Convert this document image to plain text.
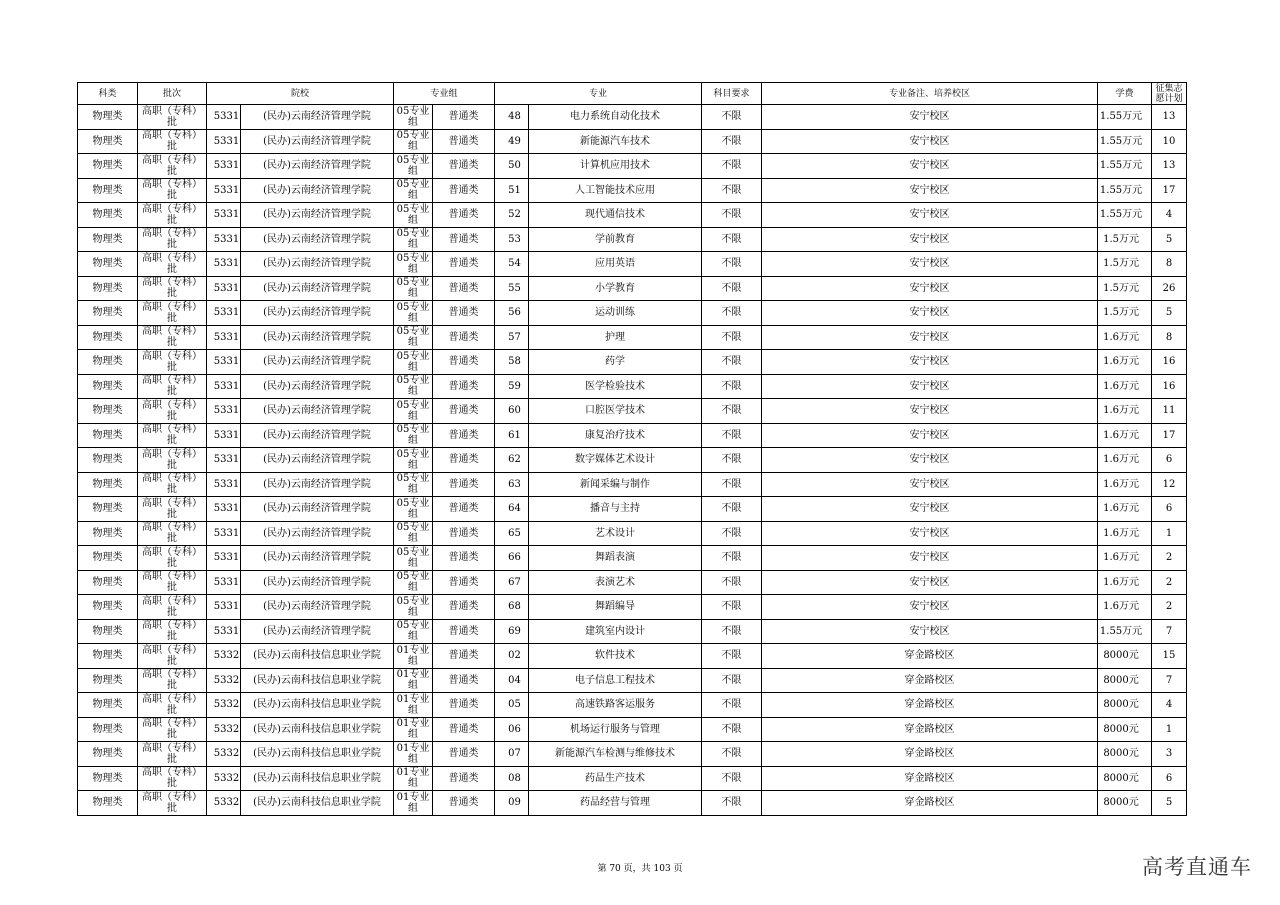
科类	批次	院校		专业组		专业		科目要求	专业备注、培养校区	学费	征集志愿计划
物理类	高职（专科）批	5331	(民办)云南经济管理学院	05专业组	普通类	48	电力系统自动化技术	不限	安宁校区	1.55万元	13
物理类	高职（专科）批	5331	(民办)云南经济管理学院	05专业组	普通类	49	新能源汽车技术	不限	安宁校区	1.55万元	10
物理类	高职（专科）批	5331	(民办)云南经济管理学院	05专业组	普通类	50	计算机应用技术	不限	安宁校区	1.55万元	13
物理类	高职（专科）批	5331	(民办)云南经济管理学院	05专业组	普通类	51	人工智能技术应用	不限	安宁校区	1.55万元	17
物理类	高职（专科）批	5331	(民办)云南经济管理学院	05专业组	普通类	52	现代通信技术	不限	安宁校区	1.55万元	4
物理类	高职（专科）批	5331	(民办)云南经济管理学院	05专业组	普通类	53	学前教育	不限	安宁校区	1.5万元	5
物理类	高职（专科）批	5331	(民办)云南经济管理学院	05专业组	普通类	54	应用英语	不限	安宁校区	1.5万元	8
物理类	高职（专科）批	5331	(民办)云南经济管理学院	05专业组	普通类	55	小学教育	不限	安宁校区	1.5万元	26
物理类	高职（专科）批	5331	(民办)云南经济管理学院	05专业组	普通类	56	运动训练	不限	安宁校区	1.5万元	5
物理类	高职（专科）批	5331	(民办)云南经济管理学院	05专业组	普通类	57	护理	不限	安宁校区	1.6万元	8
物理类	高职（专科）批	5331	(民办)云南经济管理学院	05专业组	普通类	58	药学	不限	安宁校区	1.6万元	16
物理类	高职（专科）批	5331	(民办)云南经济管理学院	05专业组	普通类	59	医学检验技术	不限	安宁校区	1.6万元	16
物理类	高职（专科）批	5331	(民办)云南经济管理学院	05专业组	普通类	60	口腔医学技术	不限	安宁校区	1.6万元	11
物理类	高职（专科）批	5331	(民办)云南经济管理学院	05专业组	普通类	61	康复治疗技术	不限	安宁校区	1.6万元	17
物理类	高职（专科）批	5331	(民办)云南经济管理学院	05专业组	普通类	62	数字媒体艺术设计	不限	安宁校区	1.6万元	6
物理类	高职（专科）批	5331	(民办)云南经济管理学院	05专业组	普通类	63	新闻采编与制作	不限	安宁校区	1.6万元	12
物理类	高职（专科）批	5331	(民办)云南经济管理学院	05专业组	普通类	64	播音与主持	不限	安宁校区	1.6万元	6
物理类	高职（专科）批	5331	(民办)云南经济管理学院	05专业组	普通类	65	艺术设计	不限	安宁校区	1.6万元	1
物理类	高职（专科）批	5331	(民办)云南经济管理学院	05专业组	普通类	66	舞蹈表演	不限	安宁校区	1.6万元	2
物理类	高职（专科）批	5331	(民办)云南经济管理学院	05专业组	普通类	67	表演艺术	不限	安宁校区	1.6万元	2
物理类	高职（专科）批	5331	(民办)云南经济管理学院	05专业组	普通类	68	舞蹈编导	不限	安宁校区	1.6万元	2
物理类	高职（专科）批	5331	(民办)云南经济管理学院	05专业组	普通类	69	建筑室内设计	不限	安宁校区	1.55万元	7
物理类	高职（专科）批	5332	(民办)云南科技信息职业学院	01专业组	普通类	02	软件技术	不限	穿金路校区	8000元	15
物理类	高职（专科）批	5332	(民办)云南科技信息职业学院	01专业组	普通类	04	电子信息工程技术	不限	穿金路校区	8000元	7
物理类	高职（专科）批	5332	(民办)云南科技信息职业学院	01专业组	普通类	05	高速铁路客运服务	不限	穿金路校区	8000元	4
物理类	高职（专科）批	5332	(民办)云南科技信息职业学院	01专业组	普通类	06	机场运行服务与管理	不限	穿金路校区	8000元	1
物理类	高职（专科）批	5332	(民办)云南科技信息职业学院	01专业组	普通类	07	新能源汽车检测与维修技术	不限	穿金路校区	8000元	3
物理类	高职（专科）批	5332	(民办)云南科技信息职业学院	01专业组	普通类	08	药品生产技术	不限	穿金路校区	8000元	6
物理类	高职（专科）批	5332	(民办)云南科技信息职业学院	01专业组	普通类	09	药品经营与管理	不限	穿金路校区	8000元	5
第 70 页，共 103 页	高考直通车
